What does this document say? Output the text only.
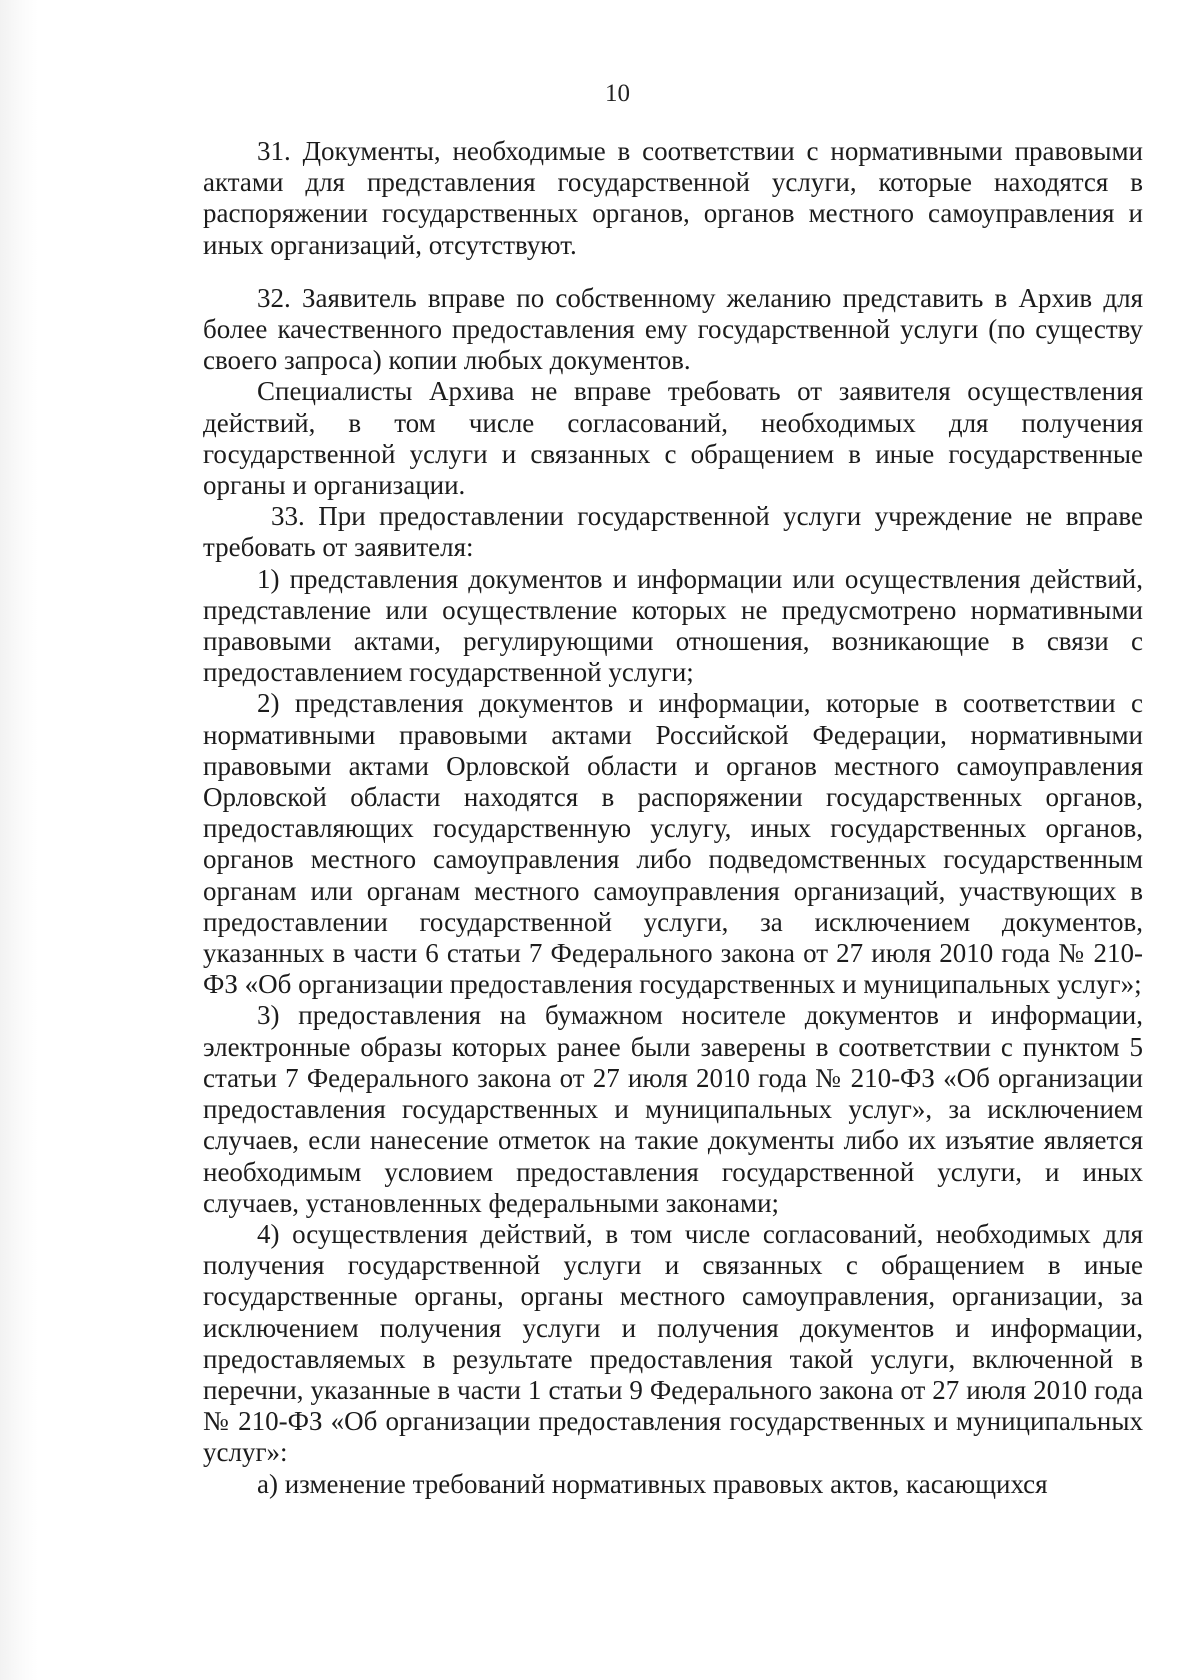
10

31. Документы, необходимые в соответствии с нормативными правовыми актами для представления государственной услуги, которые находятся в распоряжении государственных органов, органов местного самоуправления и иных организаций, отсутствуют.

32. Заявитель вправе по собственному желанию представить в Архив для более качественного предоставления ему государственной услуги (по существу своего запроса) копии любых документов.

Специалисты Архива не вправе требовать от заявителя осуществления действий, в том числе согласований, необходимых для получения государственной услуги и связанных с обращением в иные государственные органы и организации.

33. При предоставлении государственной услуги учреждение не вправе требовать от заявителя:

1) представления документов и информации или осуществления действий, представление или осуществление которых не предусмотрено нормативными правовыми актами, регулирующими отношения, возникающие в связи с предоставлением государственной услуги;

2) представления документов и информации, которые в соответствии с нормативными правовыми актами Российской Федерации, нормативными правовыми актами Орловской области и органов местного самоуправления Орловской области находятся в распоряжении государственных органов, предоставляющих государственную услугу, иных государственных органов, органов местного самоуправления либо подведомственных государственным органам или органам местного самоуправления организаций, участвующих в предоставлении государственной услуги, за исключением документов, указанных в части 6 статьи 7 Федерального закона от 27 июля 2010 года № 210-ФЗ «Об организации предоставления государственных и муниципальных услуг»;

3) предоставления на бумажном носителе документов и информации, электронные образы которых ранее были заверены в соответствии с пунктом 5 статьи 7 Федерального закона от 27 июля 2010 года № 210-ФЗ «Об организации предоставления государственных и муниципальных услуг», за исключением случаев, если нанесение отметок на такие документы либо их изъятие является необходимым условием предоставления государственной услуги, и иных случаев, установленных федеральными законами;

4) осуществления действий, в том числе согласований, необходимых для получения государственной услуги и связанных с обращением в иные государственные органы, органы местного самоуправления, организации, за исключением получения услуги и получения документов и информации, предоставляемых в результате предоставления такой услуги, включенной в перечни, указанные в части 1 статьи 9 Федерального закона от 27 июля 2010 года № 210-ФЗ «Об организации предоставления государственных и муниципальных услуг»:

а) изменение требований нормативных правовых актов, касающихся
